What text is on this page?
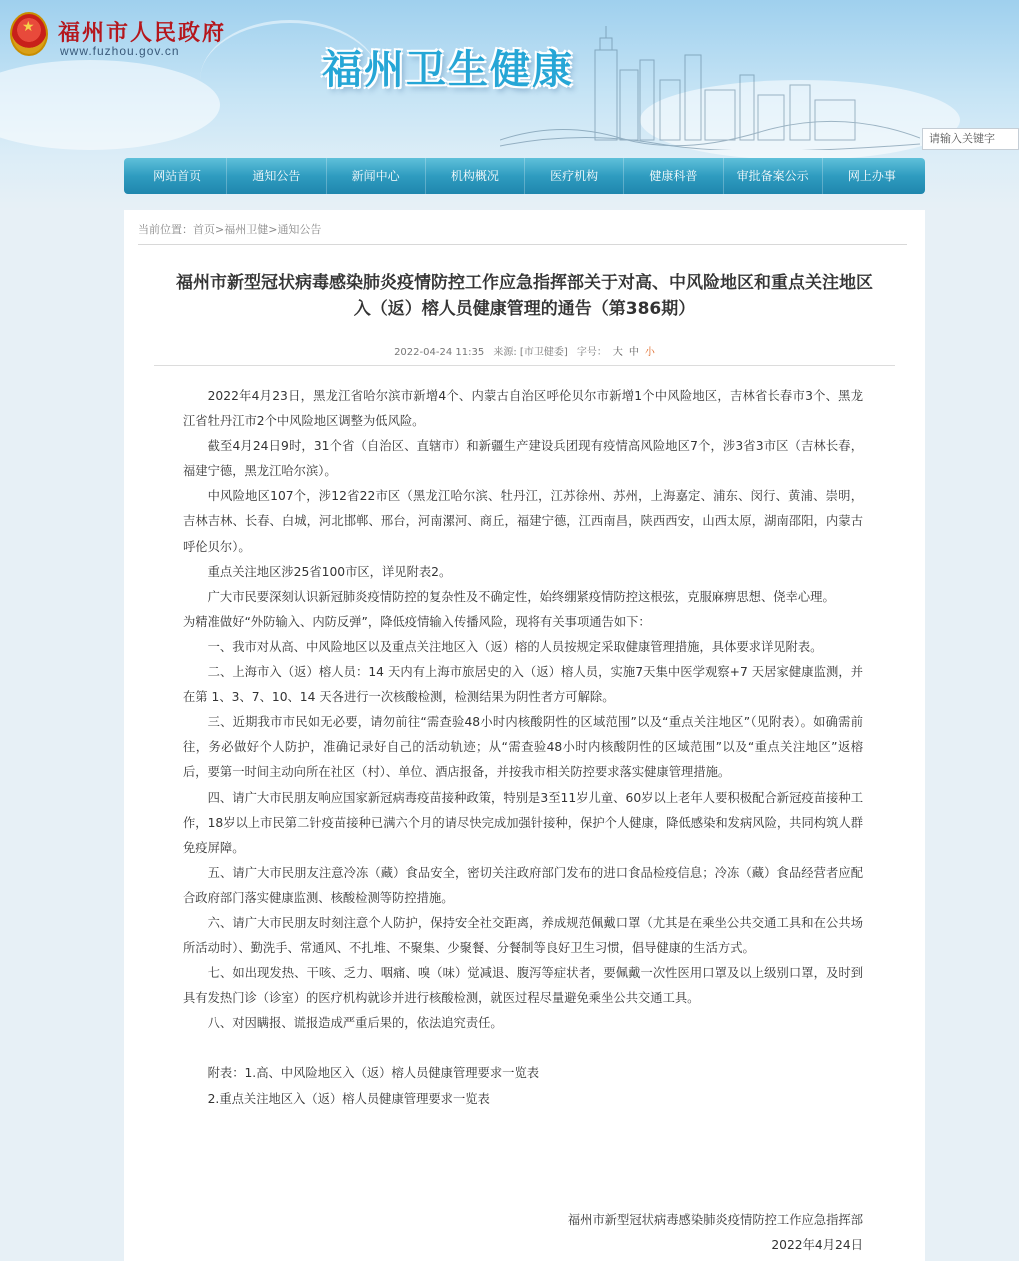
★ 福州市人民政府
www.fuzhou.gov.cn	福州卫生健康
请输入关键字
网站首页	通知公告	新闻中心	机构概况	医疗机构	健康科普	审批备案公示	网上办事
当前位置：首页>福州卫健>通知公告
福州市新型冠状病毒感染肺炎疫情防控工作应急指挥部关于对高、中风险地区和重点关注地区
入（返）榕人员健康管理的通告（第386期）
2022-04-24 11:35 来源: [市卫健委] 字号： 大 中 小

2022年4月23日，黑龙江省哈尔滨市新增4个、内蒙古自治区呼伦贝尔市新增1个中风险地区，吉林省长春市3个、黑龙江省牡丹江市2个中风险地区调整为低风险。

截至4月24日9时，31个省（自治区、直辖市）和新疆生产建设兵团现有疫情高风险地区7个，涉3省3市区（吉林长春，福建宁德，黑龙江哈尔滨）。

中风险地区107个，涉12省22市区（黑龙江哈尔滨、牡丹江，江苏徐州、苏州，上海嘉定、浦东、闵行、黄浦、崇明，吉林吉林、长春、白城，河北邯郸、邢台，河南漯河、商丘，福建宁德，江西南昌，陕西西安，山西太原，湖南邵阳，内蒙古呼伦贝尔）。

重点关注地区涉25省100市区，详见附表2。

广大市民要深刻认识新冠肺炎疫情防控的复杂性及不确定性，始终绷紧疫情防控这根弦，克服麻痹思想、侥幸心理。

为精准做好“外防输入、内防反弹”，降低疫情输入传播风险，现将有关事项通告如下：

一、我市对从高、中风险地区以及重点关注地区入（返）榕的人员按规定采取健康管理措施，具体要求详见附表。

二、上海市入（返）榕人员：14 天内有上海市旅居史的入（返）榕人员，实施7天集中医学观察+7 天居家健康监测，并在第 1、3、7、10、14 天各进行一次核酸检测，检测结果为阴性者方可解除。

三、近期我市市民如无必要，请勿前往“需查验48小时内核酸阴性的区域范围”以及“重点关注地区”（见附表）。如确需前往，务必做好个人防护，准确记录好自己的活动轨迹；从“需查验48小时内核酸阴性的区域范围”以及“重点关注地区”返榕后，要第一时间主动向所在社区（村）、单位、酒店报备，并按我市相关防控要求落实健康管理措施。

四、请广大市民朋友响应国家新冠病毒疫苗接种政策，特别是3至11岁儿童、60岁以上老年人要积极配合新冠疫苗接种工作，18岁以上市民第二针疫苗接种已满六个月的请尽快完成加强针接种，保护个人健康，降低感染和发病风险，共同构筑人群免疫屏障。

五、请广大市民朋友注意冷冻（藏）食品安全，密切关注政府部门发布的进口食品检疫信息；冷冻（藏）食品经营者应配合政府部门落实健康监测、核酸检测等防控措施。

六、请广大市民朋友时刻注意个人防护，保持安全社交距离，养成规范佩戴口罩（尤其是在乘坐公共交通工具和在公共场所活动时）、勤洗手、常通风、不扎堆、不聚集、少聚餐、分餐制等良好卫生习惯，倡导健康的生活方式。

七、如出现发热、干咳、乏力、咽痛、嗅（味）觉减退、腹泻等症状者，要佩戴一次性医用口罩及以上级别口罩，及时到具有发热门诊（诊室）的医疗机构就诊并进行核酸检测，就医过程尽量避免乘坐公共交通工具。

八、对因瞒报、谎报造成严重后果的，依法追究责任。

附表：1.高、中风险地区入（返）榕人员健康管理要求一览表

2.重点关注地区入（返）榕人员健康管理要求一览表

福州市新型冠状病毒感染肺炎疫情防控工作应急指挥部
2022年4月24日
